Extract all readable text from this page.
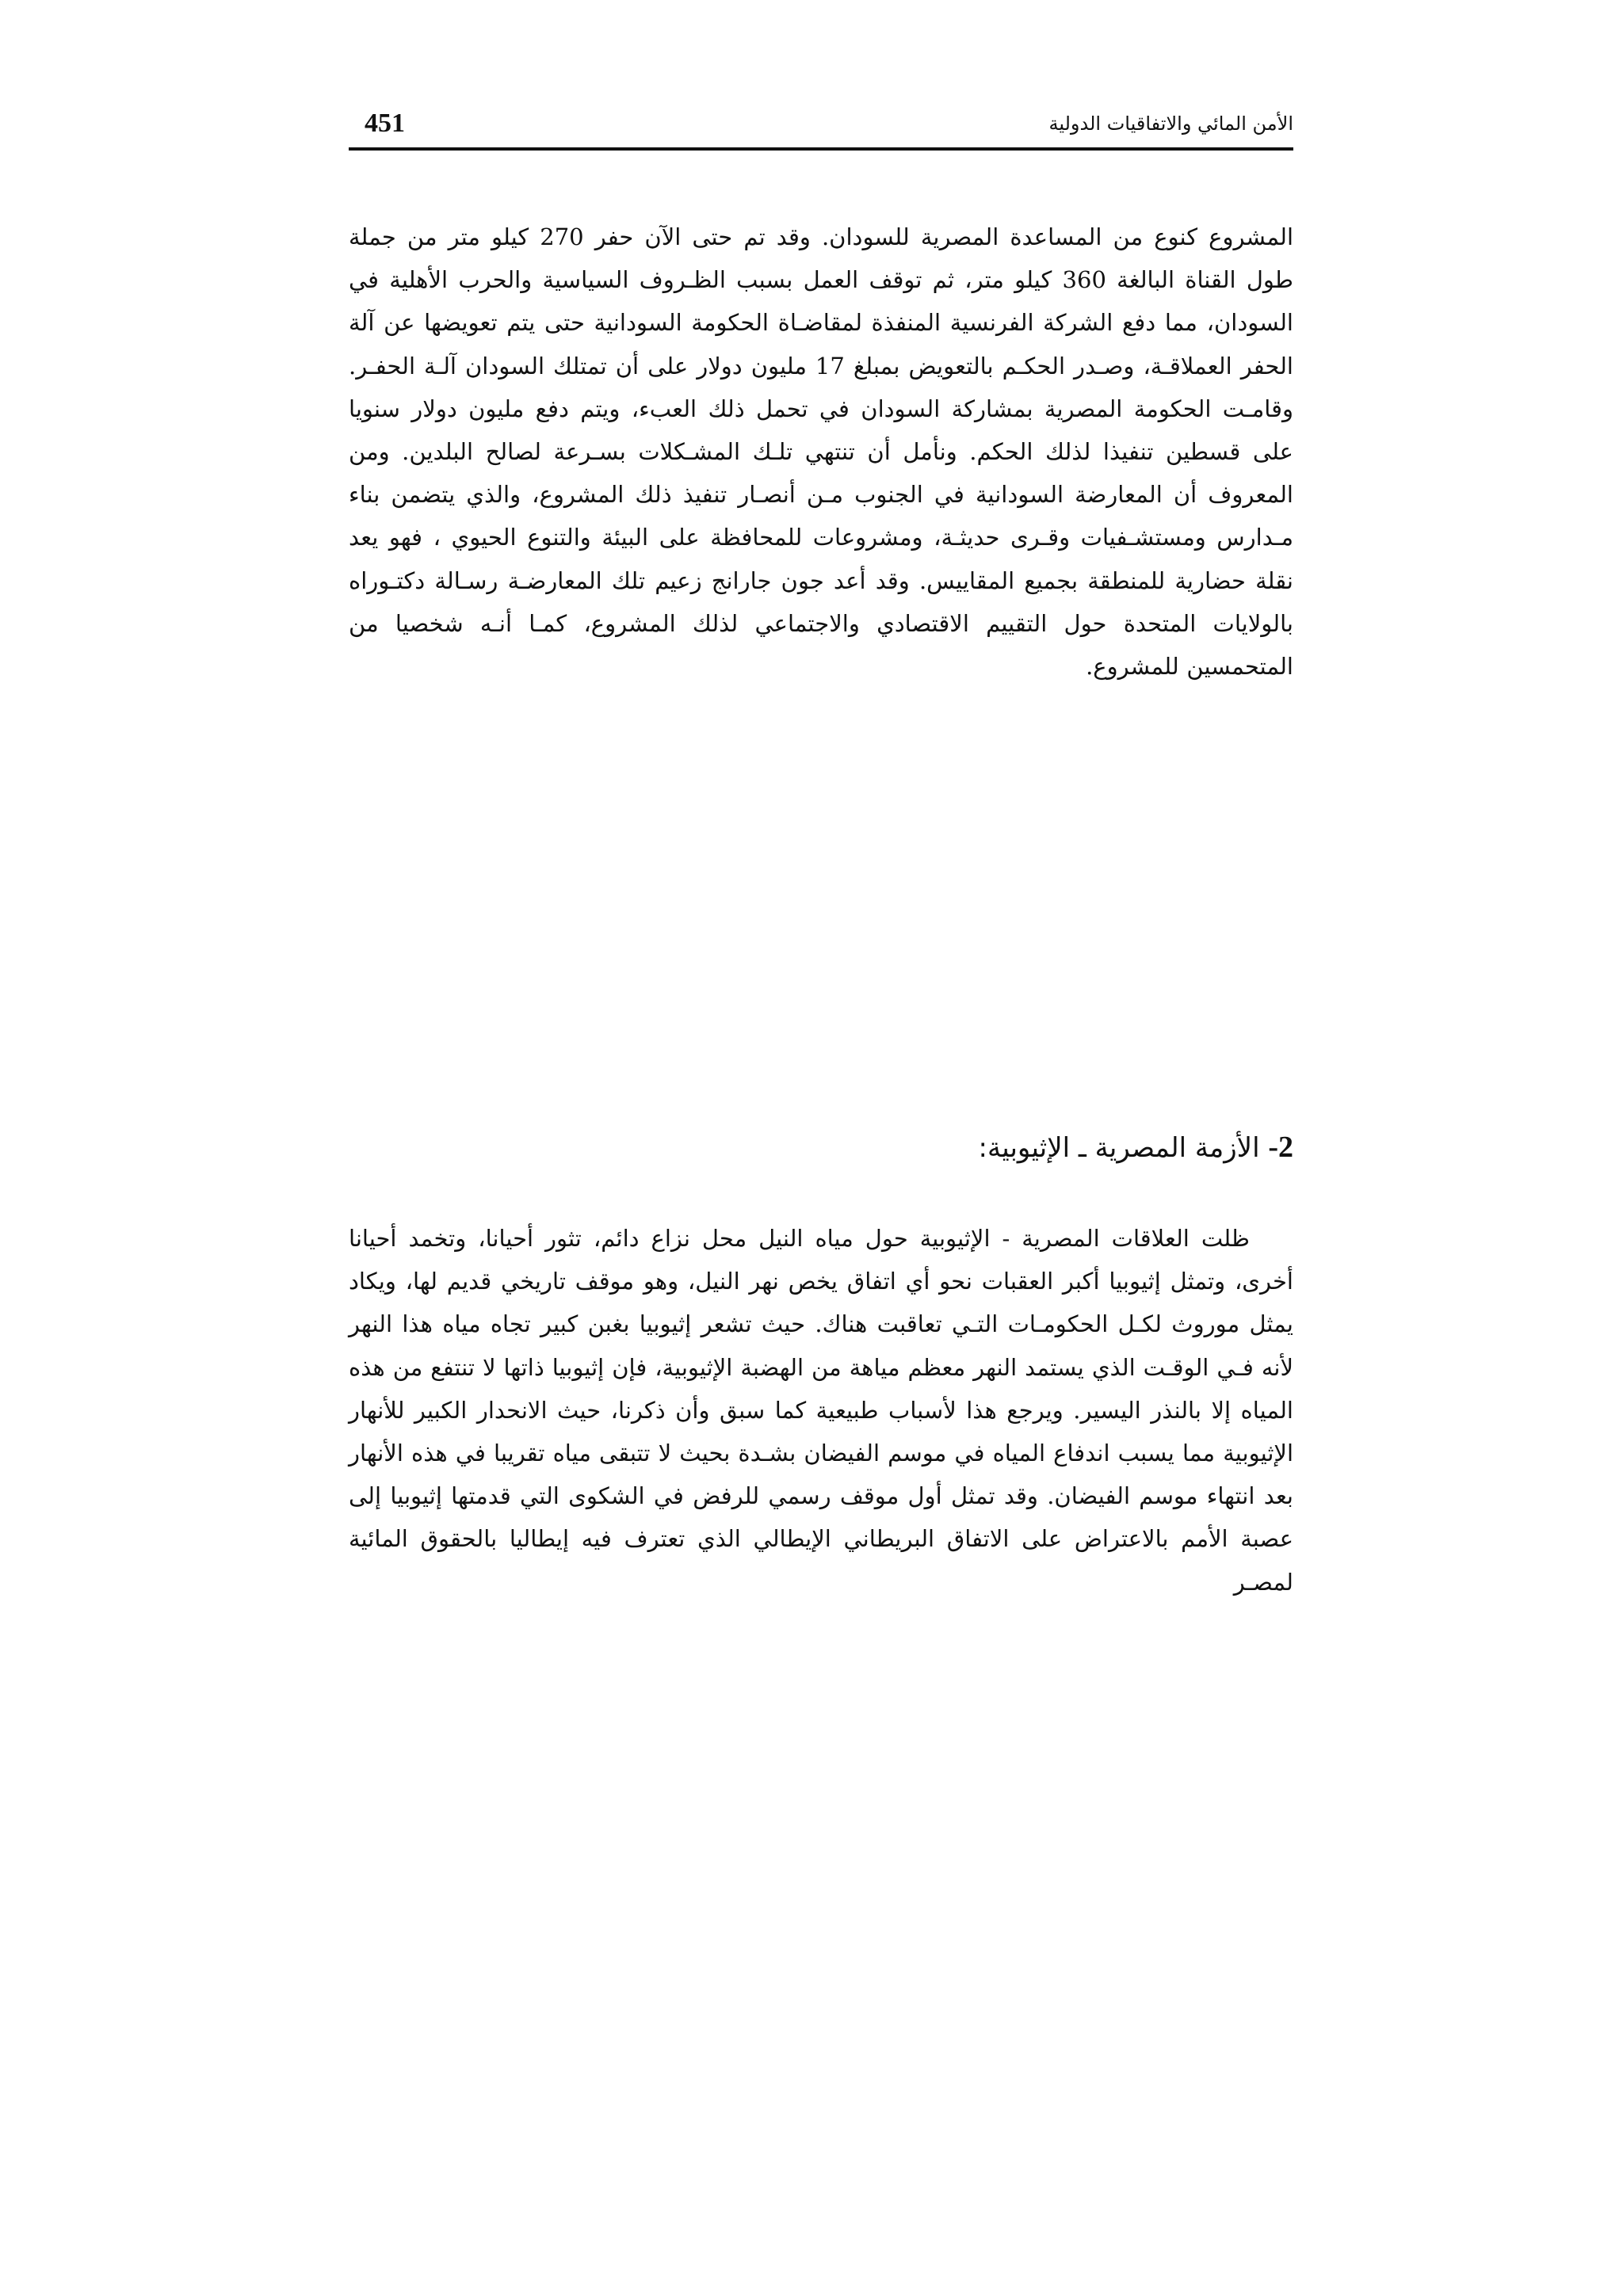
451	الأمن المائي والاتفاقيات الدولية

المشروع كنوع من المساعدة المصرية للسودان. وقد تم حتى الآن حفر 270 كيلو متر من جملة طول القناة البالغة 360 كيلو متر، ثم توقف العمل بسبب الظـروف السياسية والحرب الأهلية في السودان، مما دفع الشركة الفرنسية المنفذة لمقاضـاة الحكومة السودانية حتى يتم تعويضها عن آلة الحفر العملاقـة، وصـدر الحكـم بالتعويض بمبلغ 17 مليون دولار على أن تمتلك السودان آلـة الحفـر. وقامـت الحكومة المصرية بمشاركة السودان في تحمل ذلك العبء، ويتم دفع مليون دولار سنويا على قسطين تنفيذا لذلك الحكم. ونأمل أن تنتهي تلـك المشـكلات بسـرعة لصالح البلدين. ومن المعروف أن المعارضة السودانية في الجنوب مـن أنصـار تنفيذ ذلك المشروع، والذي يتضمن بناء مـدارس ومستشـفيات وقـرى حديثـة، ومشروعات للمحافظة على البيئة والتنوع الحيوي ، فهو يعد نقلة حضارية للمنطقة بجميع المقاييس. وقد أعد جون جارانج زعيم تلك المعارضـة رسـالة دكتـوراه بالولايات المتحدة حول التقييم الاقتصادي والاجتماعي لذلك المشروع، كمـا أنـه شخصيا من المتحمسين للمشروع.

2- الأزمة المصرية ـ الإثيوبية:

ظلت العلاقات المصرية - الإثيوبية حول مياه النيل محل نزاع دائم، تثور أحيانا، وتخمد أحيانا أخرى، وتمثل إثيوبيا أكبر العقبات نحو أي اتفاق يخص نهر النيل، وهو موقف تاريخي قديم لها، ويكاد يمثل موروث لكـل الحكومـات التـي تعاقبت هناك. حيث تشعر إثيوبيا بغبن كبير تجاه مياه هذا النهر لأنه فـي الوقـت الذي يستمد النهر معظم مياهة من الهضبة الإثيوبية، فإن إثيوبيا ذاتها لا تنتفع من هذه المياه إلا بالنذر اليسير. ويرجع هذا لأسباب طبيعية كما سبق وأن ذكرنا، حيث الانحدار الكبير للأنهار الإثيوبية مما يسبب اندفاع المياه في موسم الفيضان بشـدة بحيث لا تتبقى مياه تقريبا في هذه الأنهار بعد انتهاء موسم الفيضان. وقد تمثل أول موقف رسمي للرفض في الشكوى التي قدمتها إثيوبيا إلى عصبة الأمم بالاعتراض على الاتفاق البريطاني الإيطالي الذي تعترف فيه إيطاليا بالحقوق المائية لمصـر
